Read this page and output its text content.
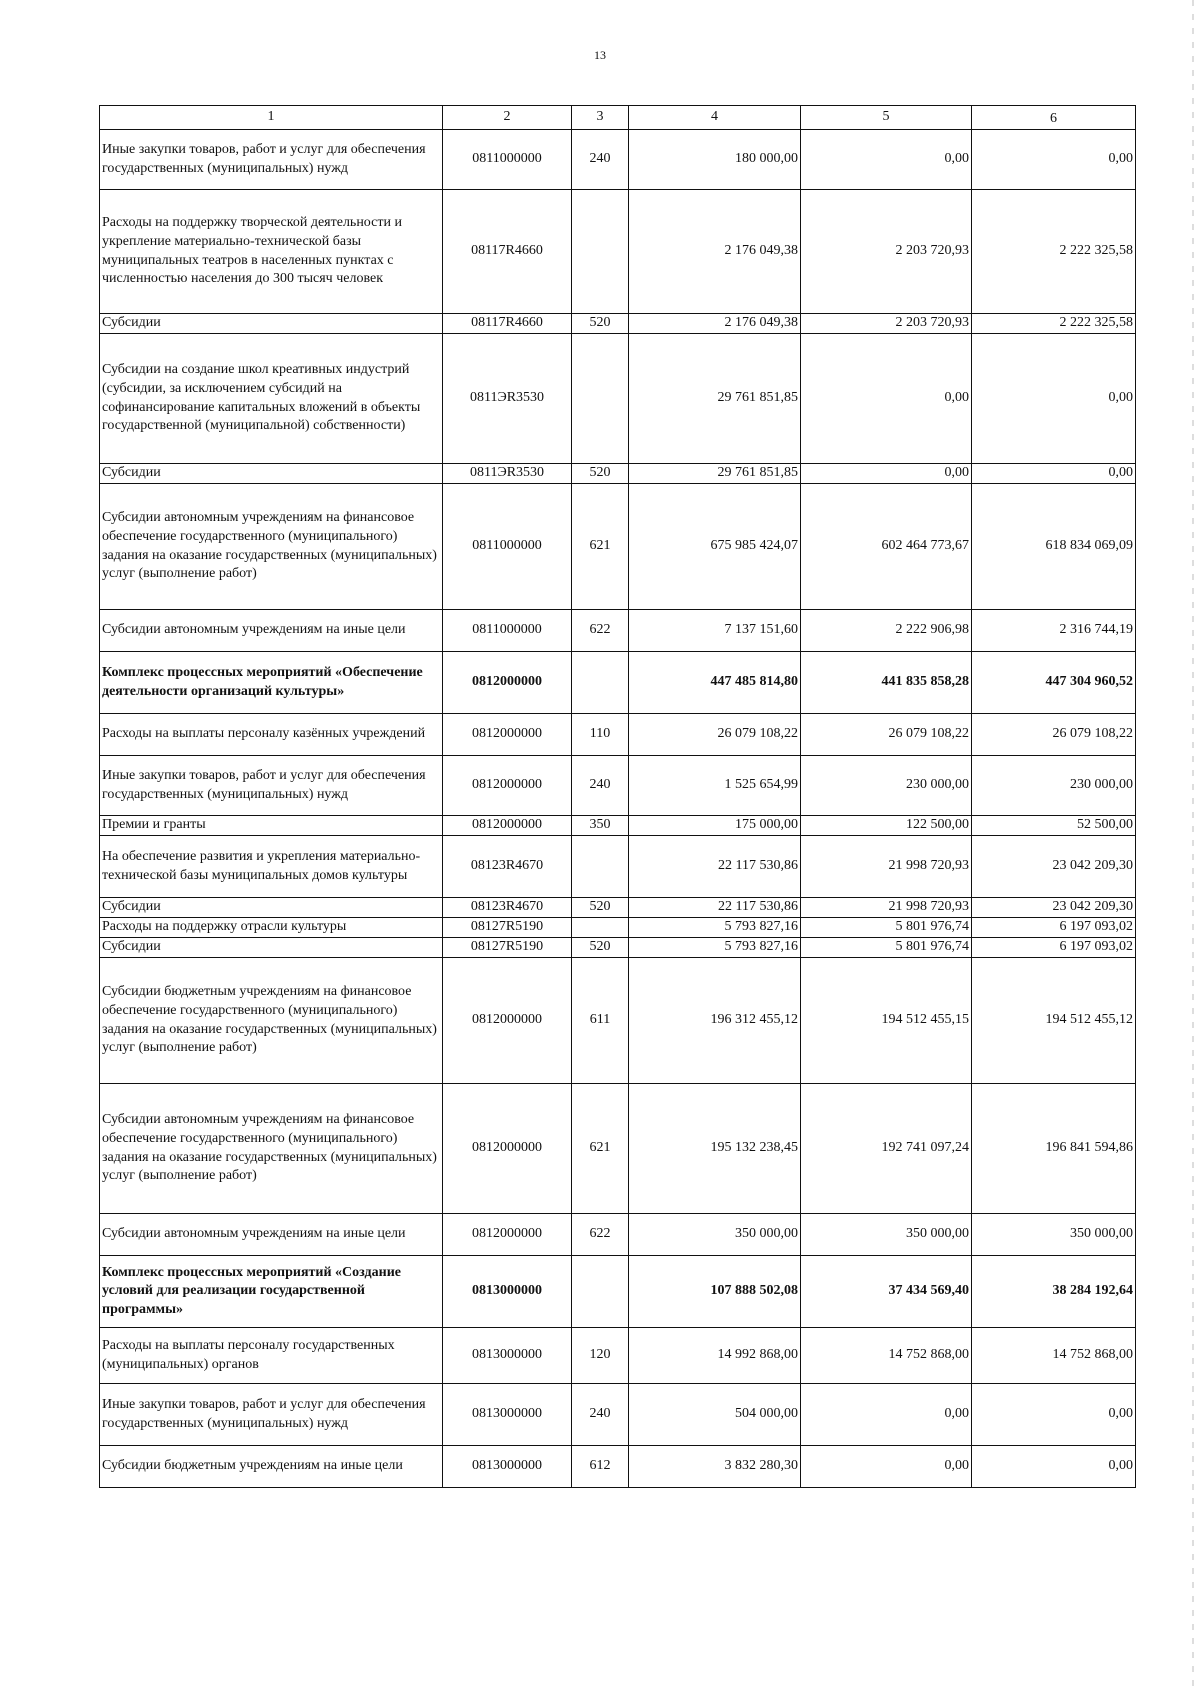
13
1	2	3	4	5	6
Иные закупки товаров, работ и услуг для обеспечения государственных (муниципальных) нужд	0811000000	240	180 000,00	0,00	0,00
Расходы на поддержку творческой деятельности и укрепление материально-технической базы муниципальных театров в населенных пунктах с численностью населения до 300 тысяч человек	08117R4660		2 176 049,38	2 203 720,93	2 222 325,58
Субсидии	08117R4660	520	2 176 049,38	2 203 720,93	2 222 325,58
Субсидии на создание школ креативных индустрий (субсидии, за исключением субсидий на софинансирование капитальных вложений в объекты государственной (муниципальной) собственности)	0811ЭR3530		29 761 851,85	0,00	0,00
Субсидии	0811ЭR3530	520	29 761 851,85	0,00	0,00
Субсидии автономным учреждениям на финансовое обеспечение государственного (муниципального) задания на оказание государственных (муниципальных) услуг (выполнение работ)	0811000000	621	675 985 424,07	602 464 773,67	618 834 069,09
Субсидии автономным учреждениям на иные цели	0811000000	622	7 137 151,60	2 222 906,98	2 316 744,19
Комплекс процессных мероприятий «Обеспечение деятельности организаций культуры»	0812000000		447 485 814,80	441 835 858,28	447 304 960,52
Расходы на выплаты персоналу казённых учреждений	0812000000	110	26 079 108,22	26 079 108,22	26 079 108,22
Иные закупки товаров, работ и услуг для обеспечения государственных (муниципальных) нужд	0812000000	240	1 525 654,99	230 000,00	230 000,00
Премии и гранты	0812000000	350	175 000,00	122 500,00	52 500,00
На обеспечение развития и укрепления материально-технической базы муниципальных домов культуры	08123R4670		22 117 530,86	21 998 720,93	23 042 209,30
Субсидии	08123R4670	520	22 117 530,86	21 998 720,93	23 042 209,30
Расходы на поддержку отрасли культуры	08127R5190		5 793 827,16	5 801 976,74	6 197 093,02
Субсидии	08127R5190	520	5 793 827,16	5 801 976,74	6 197 093,02
Субсидии бюджетным учреждениям на финансовое обеспечение государственного (муниципального) задания на оказание государственных (муниципальных) услуг (выполнение работ)	0812000000	611	196 312 455,12	194 512 455,15	194 512 455,12
Субсидии автономным учреждениям на финансовое обеспечение государственного (муниципального) задания на оказание государственных (муниципальных) услуг (выполнение работ)	0812000000	621	195 132 238,45	192 741 097,24	196 841 594,86
Субсидии автономным учреждениям на иные цели	0812000000	622	350 000,00	350 000,00	350 000,00
Комплекс процессных мероприятий «Создание условий для реализации государственной программы»	0813000000		107 888 502,08	37 434 569,40	38 284 192,64
Расходы на выплаты персоналу государственных (муниципальных) органов	0813000000	120	14 992 868,00	14 752 868,00	14 752 868,00
Иные закупки товаров, работ и услуг для обеспечения государственных (муниципальных) нужд	0813000000	240	504 000,00	0,00	0,00
Субсидии бюджетным учреждениям на иные цели	0813000000	612	3 832 280,30	0,00	0,00
